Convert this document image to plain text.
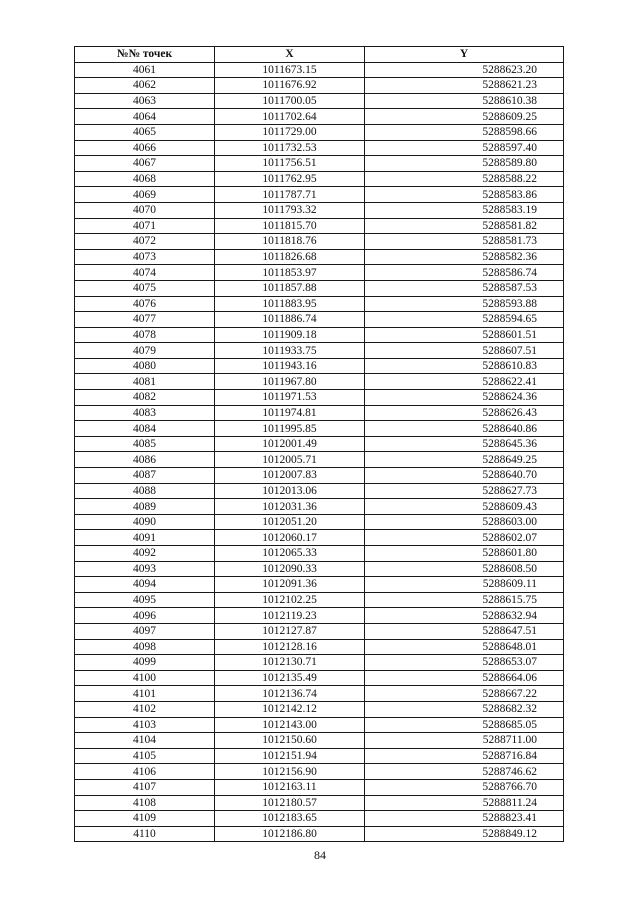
№№ точек	X	Y
4061	1011673.15	5288623.20
4062	1011676.92	5288621.23
4063	1011700.05	5288610.38
4064	1011702.64	5288609.25
4065	1011729.00	5288598.66
4066	1011732.53	5288597.40
4067	1011756.51	5288589.80
4068	1011762.95	5288588.22
4069	1011787.71	5288583.86
4070	1011793.32	5288583.19
4071	1011815.70	5288581.82
4072	1011818.76	5288581.73
4073	1011826.68	5288582.36
4074	1011853.97	5288586.74
4075	1011857.88	5288587.53
4076	1011883.95	5288593.88
4077	1011886.74	5288594.65
4078	1011909.18	5288601.51
4079	1011933.75	5288607.51
4080	1011943.16	5288610.83
4081	1011967.80	5288622.41
4082	1011971.53	5288624.36
4083	1011974.81	5288626.43
4084	1011995.85	5288640.86
4085	1012001.49	5288645.36
4086	1012005.71	5288649.25
4087	1012007.83	5288640.70
4088	1012013.06	5288627.73
4089	1012031.36	5288609.43
4090	1012051.20	5288603.00
4091	1012060.17	5288602.07
4092	1012065.33	5288601.80
4093	1012090.33	5288608.50
4094	1012091.36	5288609.11
4095	1012102.25	5288615.75
4096	1012119.23	5288632.94
4097	1012127.87	5288647.51
4098	1012128.16	5288648.01
4099	1012130.71	5288653.07
4100	1012135.49	5288664.06
4101	1012136.74	5288667.22
4102	1012142.12	5288682.32
4103	1012143.00	5288685.05
4104	1012150.60	5288711.00
4105	1012151.94	5288716.84
4106	1012156.90	5288746.62
4107	1012163.11	5288766.70
4108	1012180.57	5288811.24
4109	1012183.65	5288823.41
4110	1012186.80	5288849.12
84
